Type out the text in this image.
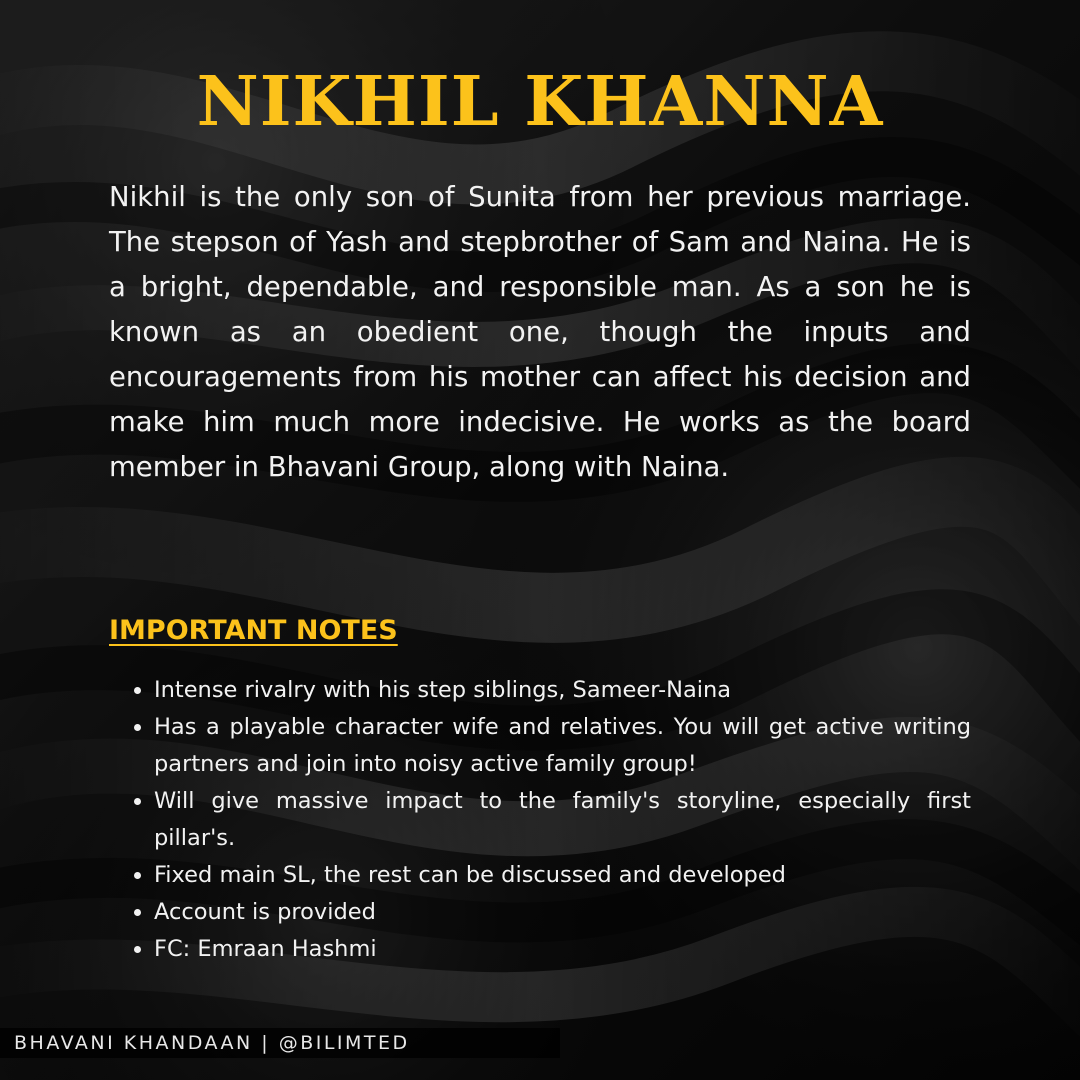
NIKHIL KHANNA

Nikhil is the only son of Sunita from her previous marriage. The stepson of Yash and stepbrother of Sam and Naina. He is a bright, dependable, and responsible man. As a son he is known as an obedient one, though the inputs and encouragements from his mother can affect his decision and make him much more indecisive. He works as the board member in Bhavani Group, along with Naina.

IMPORTANT NOTES
• Intense rivalry with his step siblings, Sameer-Naina
• Has a playable character wife and relatives. You will get active writing partners and join into noisy active family group!
• Will give massive impact to the family's storyline, especially first pillar's.
• Fixed main SL, the rest can be discussed and developed
• Account is provided
• FC: Emraan Hashmi
BHAVANI KHANDAAN | @BILIMTED
